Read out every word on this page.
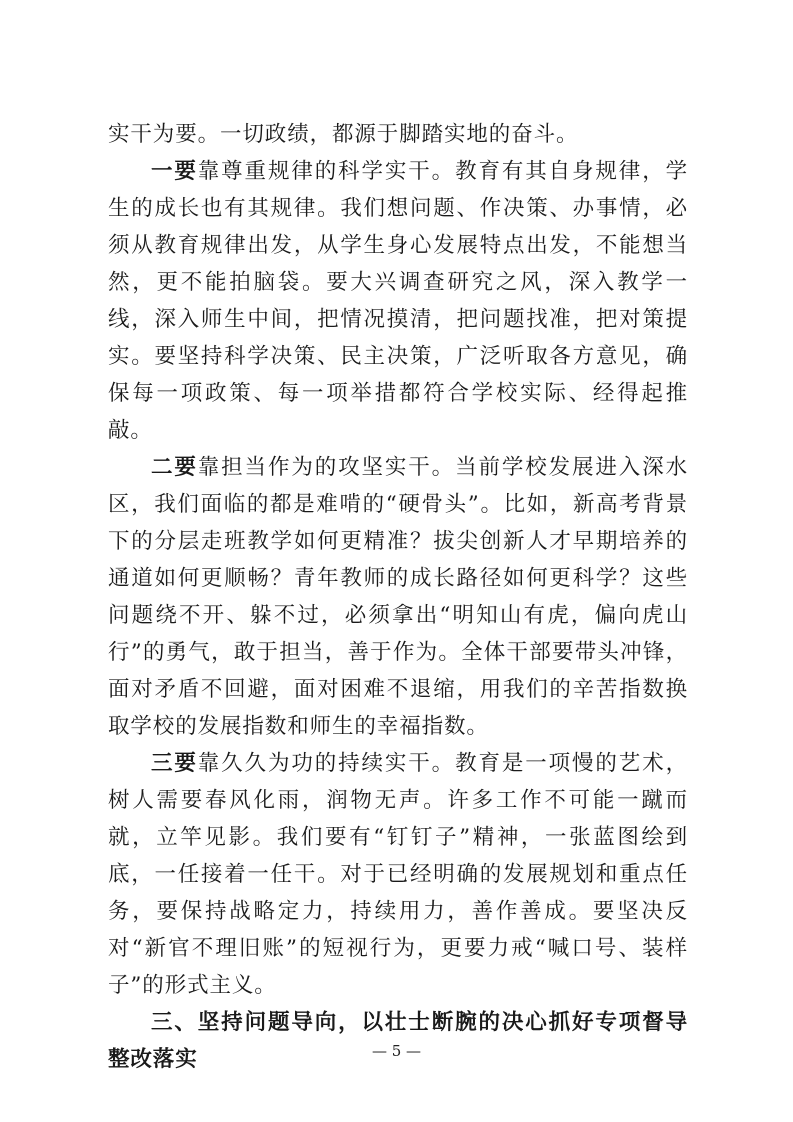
实干为要。一切政绩，都源于脚踏实地的奋斗。

一要靠尊重规律的科学实干。教育有其自身规律，学生的成长也有其规律。我们想问题、作决策、办事情，必须从教育规律出发，从学生身心发展特点出发，不能想当然，更不能拍脑袋。要大兴调查研究之风，深入教学一线，深入师生中间，把情况摸清，把问题找准，把对策提实。要坚持科学决策、民主决策，广泛听取各方意见，确保每一项政策、每一项举措都符合学校实际、经得起推敲。

二要靠担当作为的攻坚实干。当前学校发展进入深水区，我们面临的都是难啃的“硬骨头”。比如，新高考背景下的分层走班教学如何更精准？拔尖创新人才早期培养的通道如何更顺畅？青年教师的成长路径如何更科学？这些问题绕不开、躲不过，必须拿出“明知山有虎，偏向虎山行”的勇气，敢于担当，善于作为。全体干部要带头冲锋，面对矛盾不回避，面对困难不退缩，用我们的辛苦指数换取学校的发展指数和师生的幸福指数。

三要靠久久为功的持续实干。教育是一项慢的艺术，树人需要春风化雨，润物无声。许多工作不可能一蹴而就，立竿见影。我们要有“钉钉子”精神，一张蓝图绘到底，一任接着一任干。对于已经明确的发展规划和重点任务，要保持战略定力，持续用力，善作善成。要坚决反对“新官不理旧账”的短视行为，更要力戒“喊口号、装样子”的形式主义。

三、坚持问题导向，以壮士断腕的决心抓好专项督导整改落实	— 5 —
